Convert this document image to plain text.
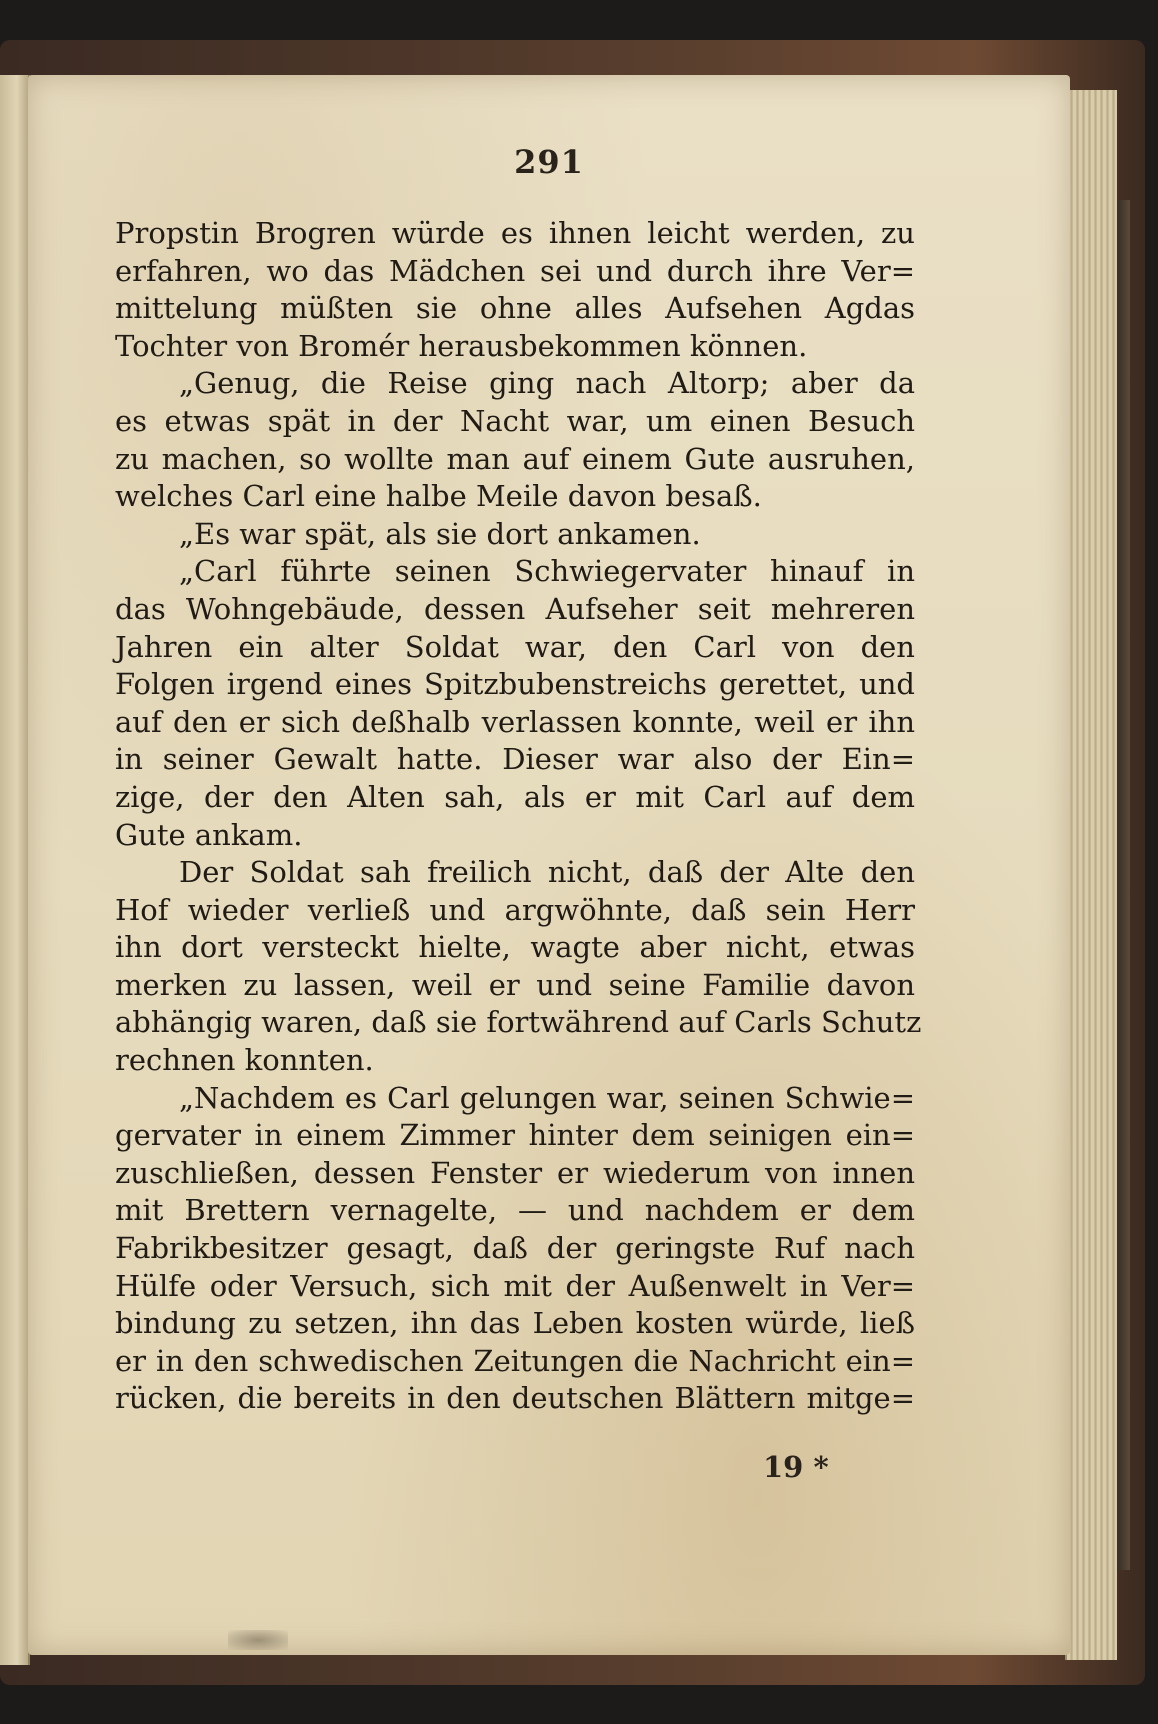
291
Propstin Brogren würde es ihnen leicht werden, zu
erfahren, wo das Mädchen sei und durch ihre Ver=
mittelung müßten sie ohne alles Aufsehen Agdas
Tochter von Bromér herausbekommen können.
„Genug, die Reise ging nach Altorp; aber da
es etwas spät in der Nacht war, um einen Besuch
zu machen, so wollte man auf einem Gute ausruhen,
welches Carl eine halbe Meile davon besaß.
„Es war spät, als sie dort ankamen.
„Carl führte seinen Schwiegervater hinauf in
das Wohngebäude, dessen Aufseher seit mehreren
Jahren ein alter Soldat war, den Carl von den
Folgen irgend eines Spitzbubenstreichs gerettet, und
auf den er sich deßhalb verlassen konnte, weil er ihn
in seiner Gewalt hatte. Dieser war also der Ein=
zige, der den Alten sah, als er mit Carl auf dem
Gute ankam.
Der Soldat sah freilich nicht, daß der Alte den
Hof wieder verließ und argwöhnte, daß sein Herr
ihn dort versteckt hielte, wagte aber nicht, etwas
merken zu lassen, weil er und seine Familie davon
abhängig waren, daß sie fortwährend auf Carls Schutz
rechnen konnten.
„Nachdem es Carl gelungen war, seinen Schwie=
gervater in einem Zimmer hinter dem seinigen ein=
zuschließen, dessen Fenster er wiederum von innen
mit Brettern vernagelte, — und nachdem er dem
Fabrikbesitzer gesagt, daß der geringste Ruf nach
Hülfe oder Versuch, sich mit der Außenwelt in Ver=
bindung zu setzen, ihn das Leben kosten würde, ließ
er in den schwedischen Zeitungen die Nachricht ein=
rücken, die bereits in den deutschen Blättern mitge=
19 *
